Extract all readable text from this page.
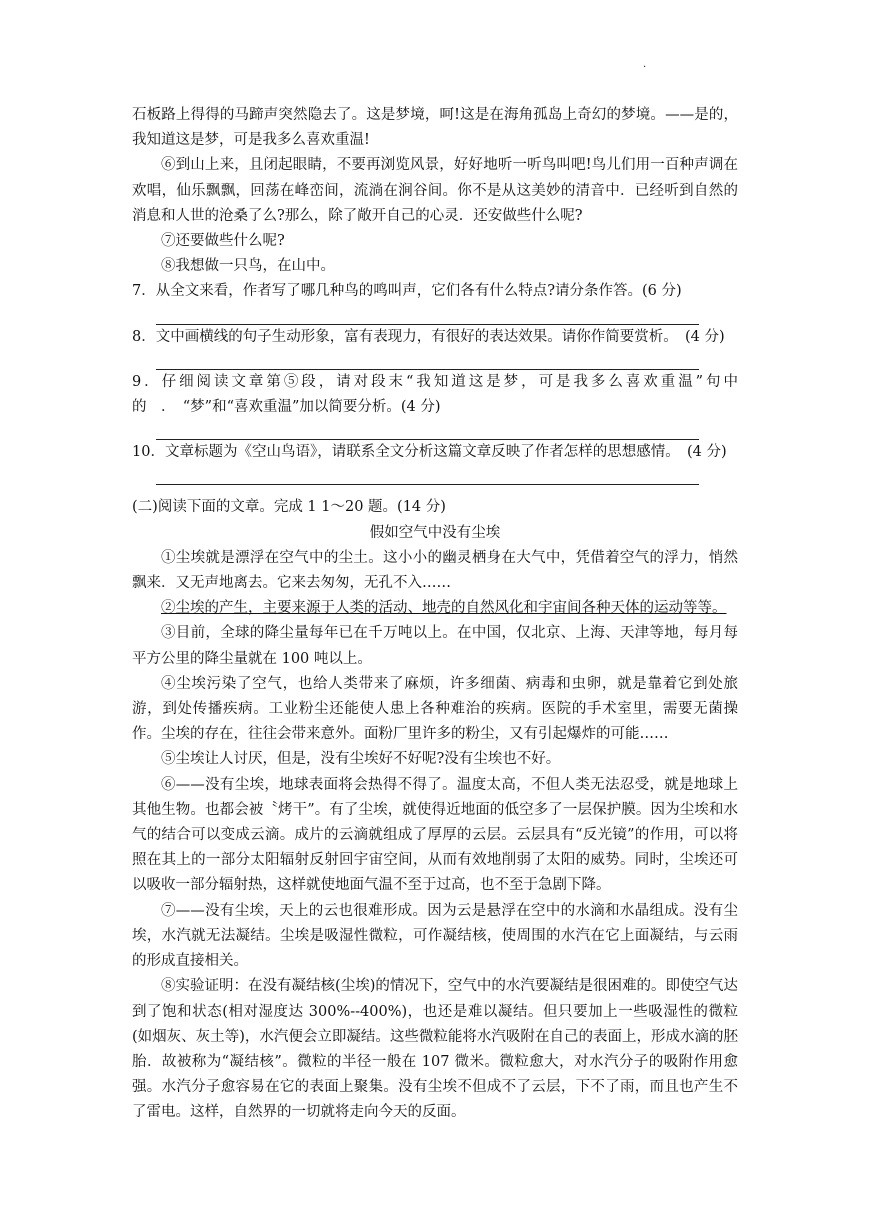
.

石板路上得得的马蹄声突然隐去了。这是梦境，呵!这是在海角孤岛上奇幻的梦境。——是的，我知道这是梦，可是我多么喜欢重温!

⑥到山上来，且闭起眼睛，不要再浏览风景，好好地听一听鸟叫吧!鸟儿们用一百种声调在欢唱，仙乐飘飘，回荡在峰峦间，流淌在涧谷间。你不是从这美妙的清音中．已经听到自然的消息和人世的沧桑了么?那么，除了敞开自己的心灵．还安做些什么呢?

⑦还要做些什么呢?

⑧我想做一只鸟，在山中。

7．从全文来看，作者写了哪几种鸟的鸣叫声，它们各有什么特点?请分条作答。(6 分)

8．文中画横线的句子生动形象，富有表现力，有很好的表达效果。请你作简要赏析。　(4 分)

9．仔细阅读文章第⑤段，请对段末“我知道这是梦，可是我多么喜欢重温”句中的　．　“梦”和“喜欢重温”加以简要分析。(4 分)

10．文章标题为《空山鸟语》，请联系全文分析这篇文章反映了作者怎样的思想感情。　(4 分)

(二)阅读下面的文章。完成 1 1～20 题。(14 分)

假如空气中没有尘埃

①尘埃就是漂浮在空气中的尘土。这小小的幽灵栖身在大气中，凭借着空气的浮力，悄然飘来．又无声地离去。它来去匆匆，无孔不入……

②尘埃的产生，主要来源于人类的活动、地壳的自然风化和宇宙间各种天体的运动等等。

③目前，全球的降尘量每年已在千万吨以上。在中国，仅北京、上海、天津等地，每月每平方公里的降尘量就在 100 吨以上。

④尘埃污染了空气，也给人类带来了麻烦，许多细菌、病毒和虫卵，就是靠着它到处旅游，到处传播疾病。工业粉尘还能使人患上各种难治的疾病。医院的手术室里，需要无菌操作。尘埃的存在，往往会带来意外。面粉厂里许多的粉尘，又有引起爆炸的可能……

⑤尘埃让人讨厌，但是，没有尘埃好不好呢?没有尘埃也不好。

⑥——没有尘埃，地球表面将会热得不得了。温度太高，不但人类无法忍受，就是地球上其他生物。也都会被〝烤干”。有了尘埃，就使得近地面的低空多了一层保护膜。因为尘埃和水气的结合可以变成云滴。成片的云滴就组成了厚厚的云层。云层具有“反光镜”的作用，可以将照在其上的一部分太阳辐射反射回宇宙空间，从而有效地削弱了太阳的威势。同时，尘埃还可以吸收一部分辐射热，这样就使地面气温不至于过高，也不至于急剧下降。

⑦——没有尘埃，天上的云也很难形成。因为云是悬浮在空中的水滴和水晶组成。没有尘埃，水汽就无法凝结。尘埃是吸湿性微粒，可作凝结核，使周围的水汽在它上面凝结，与云雨的形成直接相关。

⑧实验证明：在没有凝结核(尘埃)的情况下，空气中的水汽要凝结是很困难的。即使空气达到了饱和状态(相对湿度达 300%--400%)，也还是难以凝结。但只要加上一些吸湿性的微粒(如烟灰、灰土等)，水汽便会立即凝结。这些微粒能将水汽吸附在自己的表面上，形成水滴的胚胎．故被称为“凝结核”。微粒的半径一般在 107 微米。微粒愈大，对水汽分子的吸附作用愈强。水汽分子愈容易在它的表面上聚集。没有尘埃不但成不了云层，下不了雨，而且也产生不了雷电。这样，自然界的一切就将走向今天的反面。
